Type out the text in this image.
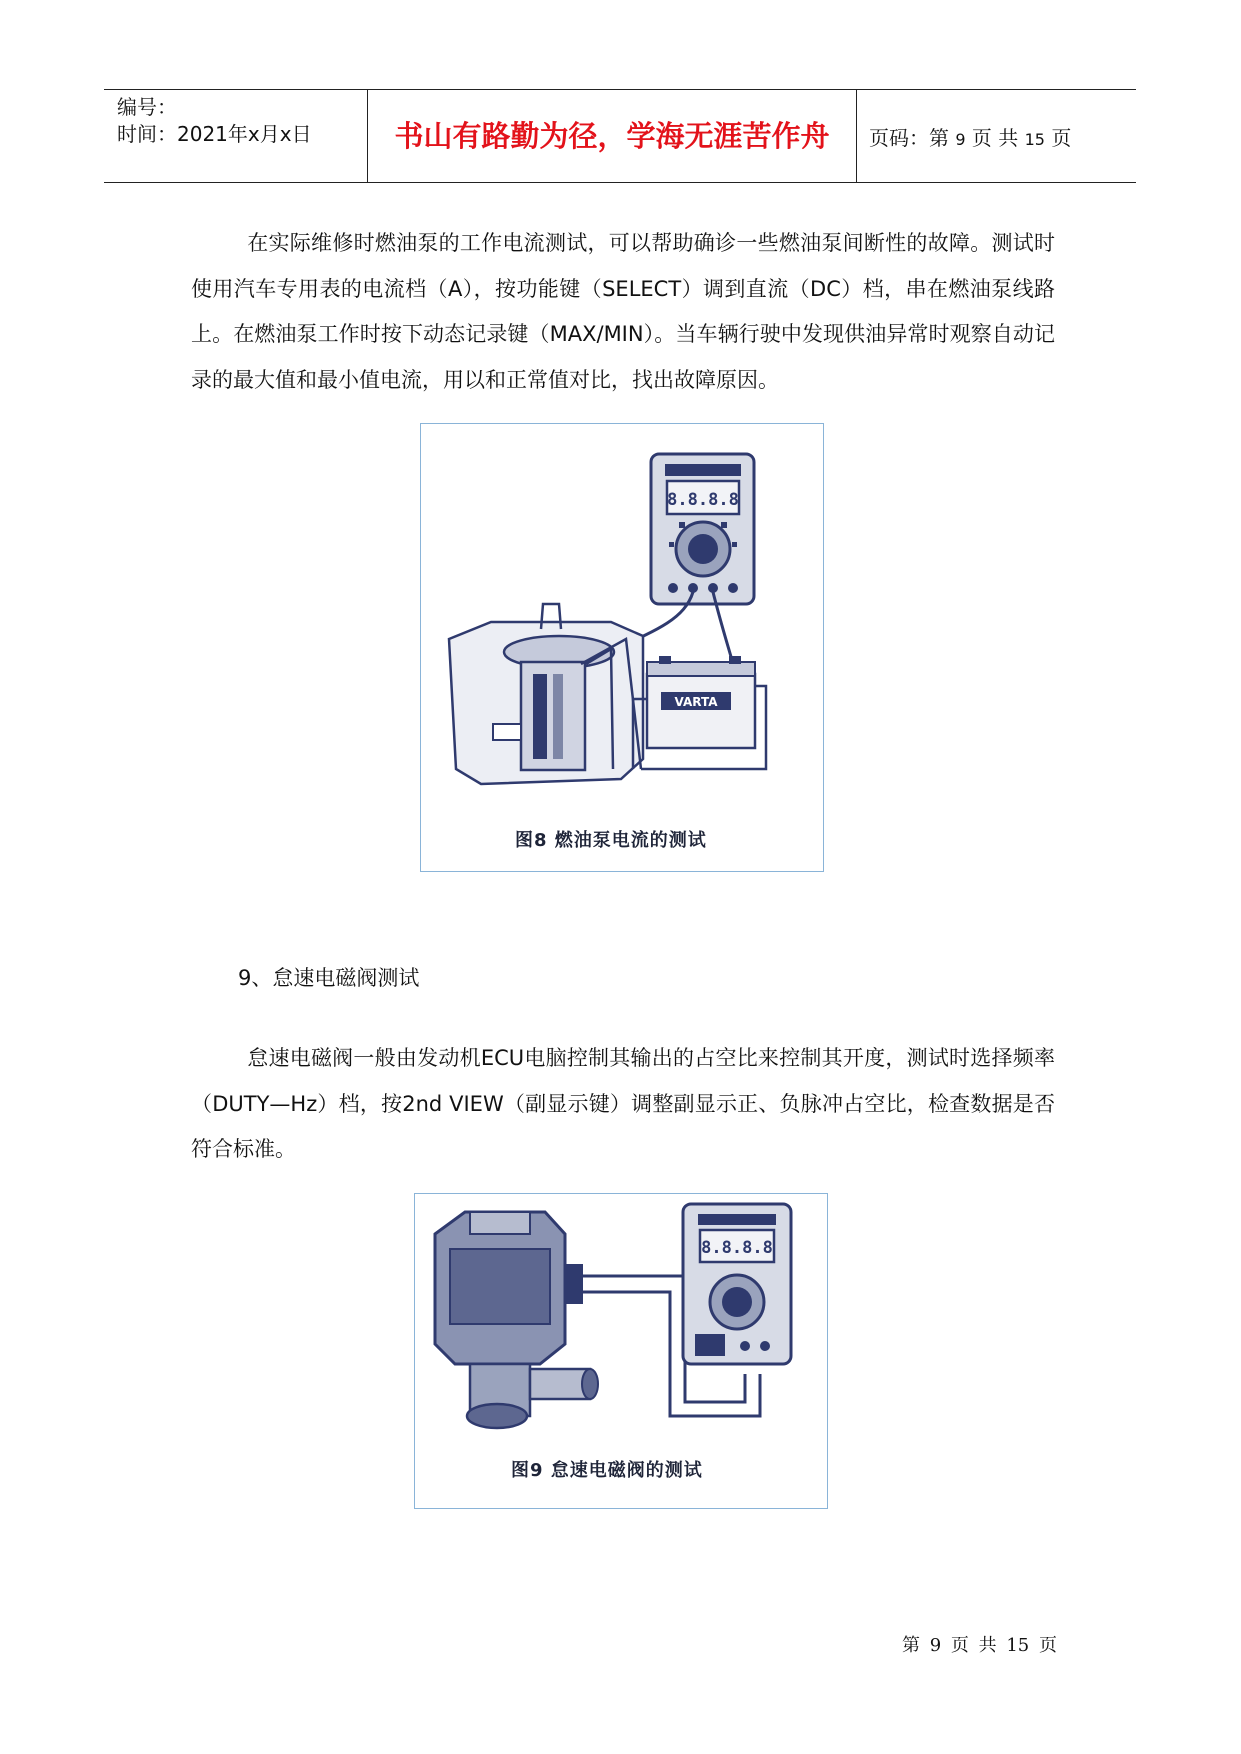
编号：
时间：2021年x月x日	书山有路勤为径，学海无涯苦作舟	页码：第 9 页 共 15 页
在实际维修时燃油泵的工作电流测试，可以帮助确诊一些燃油泵间断性的故障。测试时使用汽车专用表的电流档（A），按功能键（SELECT）调到直流（DC）档，串在燃油泵线路上。在燃油泵工作时按下动态记录键（MAX/MIN）。当车辆行驶中发现供油异常时观察自动记录的最大值和最小值电流，用以和正常值对比，找出故障原因。
8.8.8.8
VARTA
图8 燃油泵电流的测试
9、怠速电磁阀测试
怠速电磁阀一般由发动机ECU电脑控制其输出的占空比来控制其开度，测试时选择频率（DUTY—Hz）档，按2nd VIEW（副显示键）调整副显示正、负脉冲占空比，检查数据是否符合标准。
8.8.8.8
图9 怠速电磁阀的测试
第 9 页 共 15 页
